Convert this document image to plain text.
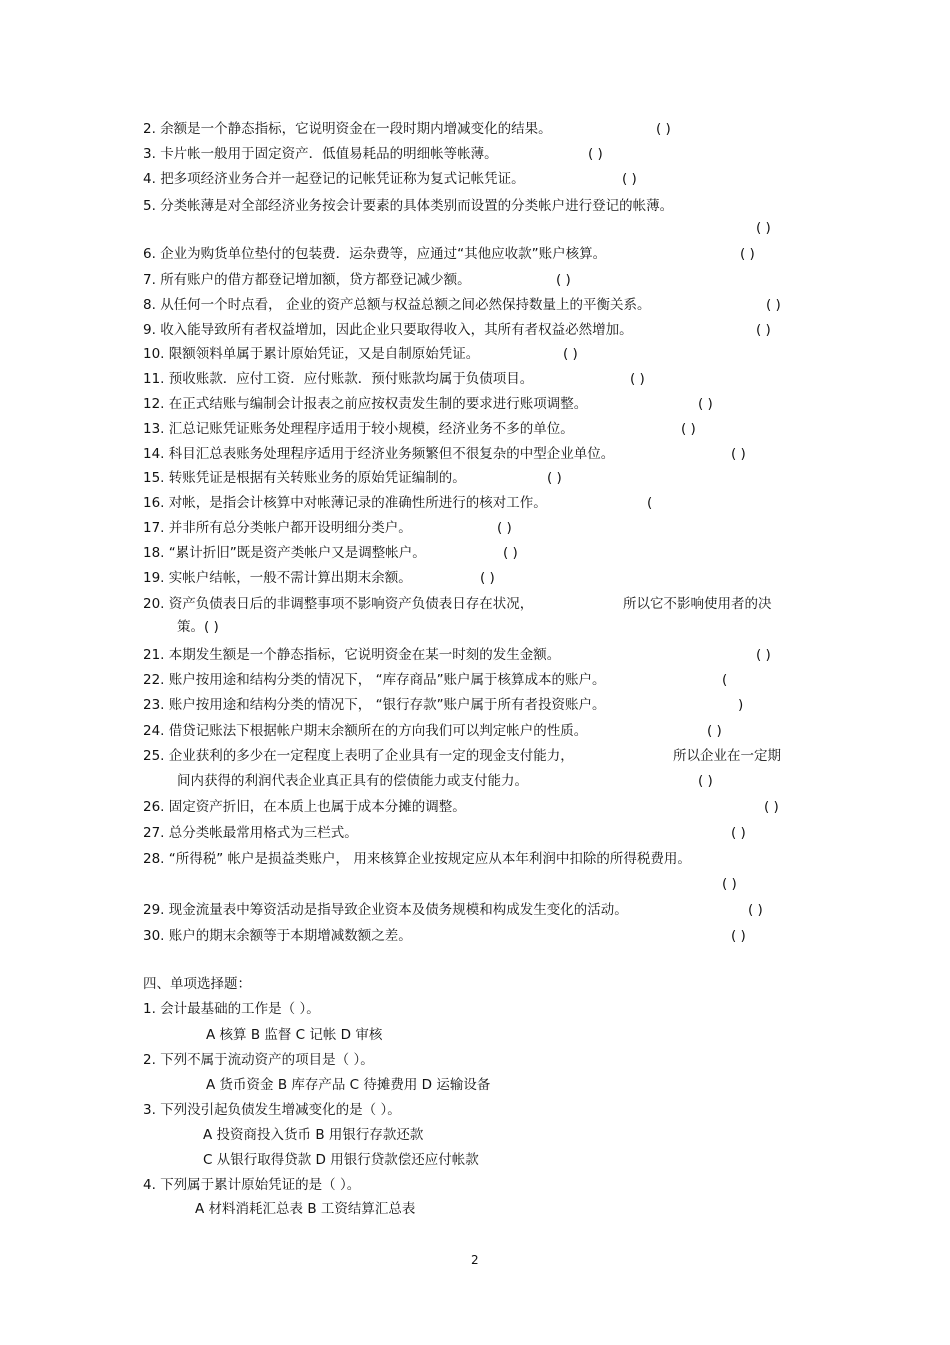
2. 余额是一个静态指标，它说明资金在一段时期内增减变化的结果。	( )
3. 卡片帐一般用于固定资产．低值易耗品的明细帐等帐薄。	( )
4. 把多项经济业务合并一起登记的记帐凭证称为复式记帐凭证。	( )
5. 分类帐薄是对全部经济业务按会计要素的具体类别而设置的分类帐户进行登记的帐薄。
( )
6. 企业为购货单位垫付的包装费．运杂费等，应通过“其他应收款”账户核算。	( )
7. 所有账户的借方都登记增加额，贷方都登记减少额。	( )
8. 从任何一个时点看， 企业的资产总额与权益总额之间必然保持数量上的平衡关系。	( )
9. 收入能导致所有者权益增加，因此企业只要取得收入，其所有者权益必然增加。	( )
10. 限额领料单属于累计原始凭证，又是自制原始凭证。	( )
11. 预收账款．应付工资．应付账款．预付账款均属于负债项目。	( )
12. 在正式结账与编制会计报表之前应按权责发生制的要求进行账项调整。	( )
13. 汇总记账凭证账务处理程序适用于较小规模，经济业务不多的单位。	( )
14. 科目汇总表账务处理程序适用于经济业务频繁但不很复杂的中型企业单位。	( )
15. 转账凭证是根据有关转账业务的原始凭证编制的。	( )
16. 对帐，是指会计核算中对帐薄记录的准确性所进行的核对工作。	(
17. 并非所有总分类帐户都开设明细分类户。	( )
18. “累计折旧”既是资产类帐户又是调整帐户。	( )
19. 实帐户结帐，一般不需计算出期末余额。	( )
20. 资产负债表日后的非调整事项不影响资产负债表日存在状况，	所以它不影响使用者的决
策。( )
21. 本期发生额是一个静态指标，它说明资金在某一时刻的发生金额。	( )
22. 账户按用途和结构分类的情况下， “库存商品”账户属于核算成本的账户。	(
23. 账户按用途和结构分类的情况下， “银行存款”账户属于所有者投资账户。	)
24. 借贷记账法下根据帐户期末余额所在的方向我们可以判定帐户的性质。	( )
25. 企业获利的多少在一定程度上表明了企业具有一定的现金支付能力，	所以企业在一定期
间内获得的利润代表企业真正具有的偿债能力或支付能力。	( )
26. 固定资产折旧，在本质上也属于成本分摊的调整。	( )
27. 总分类帐最常用格式为三栏式。	( )
28. “所得税” 帐户是损益类账户， 用来核算企业按规定应从本年利润中扣除的所得税费用。
( )
29. 现金流量表中筹资活动是指导致企业资本及债务规模和构成发生变化的活动。	( )
30. 账户的期末余额等于本期增减数额之差。	( )
四、单项选择题：
1. 会计最基础的工作是（ ）。
A 核算 B 监督 C 记帐 D 审核
2. 下列不属于流动资产的项目是（ ）。
A 货币资金 B 库存产品 C 待摊费用 D 运输设备
3. 下列没引起负债发生增减变化的是（ ）。
A 投资商投入货币 B 用银行存款还款
C 从银行取得贷款 D 用银行贷款偿还应付帐款
4. 下列属于累计原始凭证的是（ ）。
A 材料消耗汇总表 B 工资结算汇总表
2
